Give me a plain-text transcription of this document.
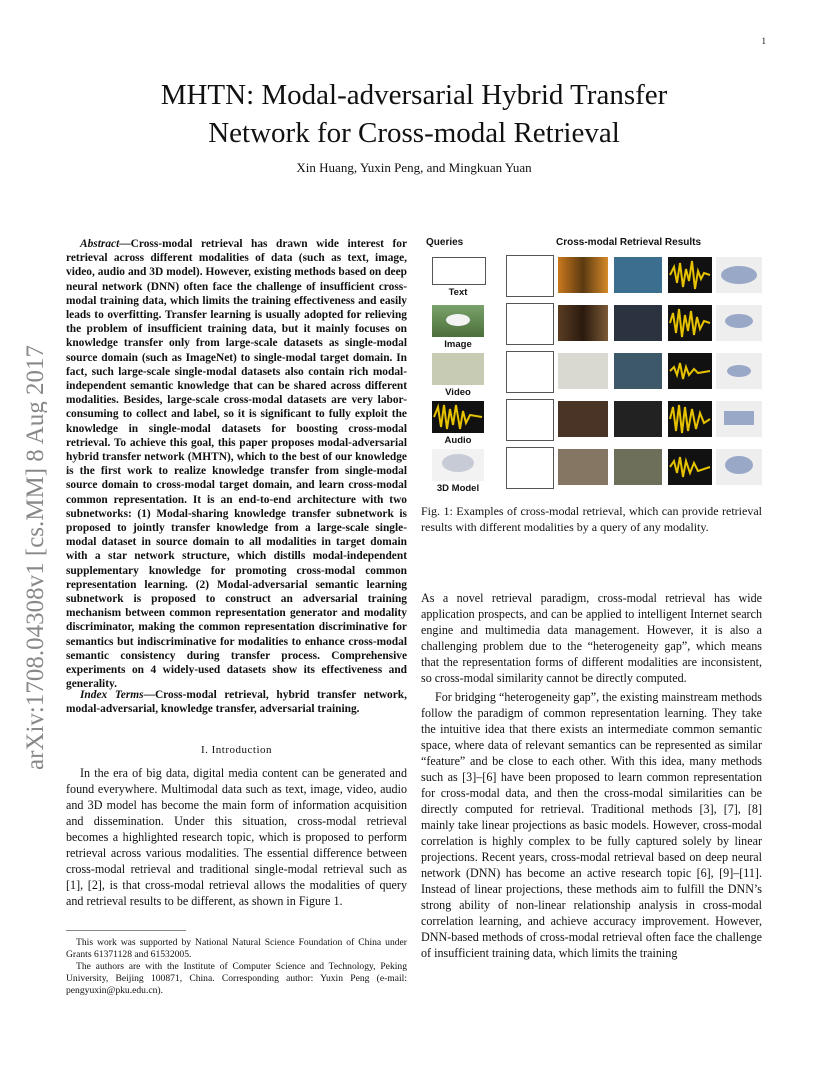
1
arXiv:1708.04308v1 [cs.MM] 8 Aug 2017
MHTN: Modal-adversarial Hybrid Transfer
Network for Cross-modal Retrieval
Xin Huang, Yuxin Peng, and Mingkuan Yuan
Abstract—Cross-modal retrieval has drawn wide interest for retrieval across different modalities of data (such as text, image, video, audio and 3D model). However, existing methods based on deep neural network (DNN) often face the challenge of insufficient cross-modal training data, which limits the training effectiveness and easily leads to overfitting. Transfer learning is usually adopted for relieving the problem of insufficient training data, but it mainly focuses on knowledge transfer only from large-scale datasets as single-modal source domain (such as ImageNet) to single-modal target domain. In fact, such large-scale single-modal datasets also contain rich modal-independent semantic knowledge that can be shared across different modalities. Besides, large-scale cross-modal datasets are very labor-consuming to collect and label, so it is significant to fully exploit the knowledge in single-modal datasets for boosting cross-modal retrieval. To achieve this goal, this paper proposes modal-adversarial hybrid transfer network (MHTN), which to the best of our knowledge is the first work to realize knowledge transfer from single-modal source domain to cross-modal target domain, and learn cross-modal common representation. It is an end-to-end architecture with two subnetworks: (1) Modal-sharing knowledge transfer subnetwork is proposed to jointly transfer knowledge from a large-scale single-modal dataset in source domain to all modalities in target domain with a star network structure, which distills modal-independent supplementary knowledge for promoting cross-modal common representation learning. (2) Modal-adversarial semantic learning subnetwork is proposed to construct an adversarial training mechanism between common representation generator and modality discriminator, making the common representation discriminative for semantics but indiscriminative for modalities to enhance cross-modal semantic consistency during transfer process. Comprehensive experiments on 4 widely-used datasets show its effectiveness and generality.
Index Terms—Cross-modal retrieval, hybrid transfer network, modal-adversarial, knowledge transfer, adversarial training.
I. Introduction
In the era of big data, digital media content can be generated and found everywhere. Multimodal data such as text, image, video, audio and 3D model has become the main form of information acquisition and dissemination. Under this situation, cross-modal retrieval becomes a highlighted research topic, which is proposed to perform retrieval across various modalities. The essential difference between cross-modal retrieval and traditional single-modal retrieval such as [1], [2], is that cross-modal retrieval allows the modalities of query and retrieval results to be different, as shown in Figure 1.

This work was supported by National Natural Science Foundation of China under Grants 61371128 and 61532005.

The authors are with the Institute of Computer Science and Technology, Peking University, Beijing 100871, China. Corresponding author: Yuxin Peng (e-mail: pengyuxin@pku.edu.cn).

Queries	Cross-modal Retrieval Results
Text
Image
Video
Audio
3D Model
Fig. 1: Examples of cross-modal retrieval, which can provide retrieval results with different modalities by a query of any modality.

As a novel retrieval paradigm, cross-modal retrieval has wide application prospects, and can be applied to intelligent Internet search engine and multimedia data management. However, it is also a challenging problem due to the “heterogeneity gap”, which means that the representation forms of different modalities are inconsistent, so cross-modal similarity cannot be directly computed.

For bridging “heterogeneity gap”, the existing mainstream methods follow the paradigm of common representation learning. They take the intuitive idea that there exists an intermediate common semantic space, where data of relevant semantics can be represented as similar “feature” and be close to each other. With this idea, many methods such as [3]–[6] have been proposed to learn common representation for cross-modal data, and then the cross-modal similarities can be directly computed for retrieval. Traditional methods [3], [7], [8] mainly take linear projections as basic models. However, cross-modal correlation is highly complex to be fully captured solely by linear projections. Recent years, cross-modal retrieval based on deep neural network (DNN) has become an active research topic [6], [9]–[11]. Instead of linear projections, these methods aim to fulfill the DNN’s strong ability of non-linear relationship analysis in cross-modal correlation learning, and achieve accuracy improvement. However, DNN-based methods of cross-modal retrieval often face the challenge of insufficient training data, which limits the training
